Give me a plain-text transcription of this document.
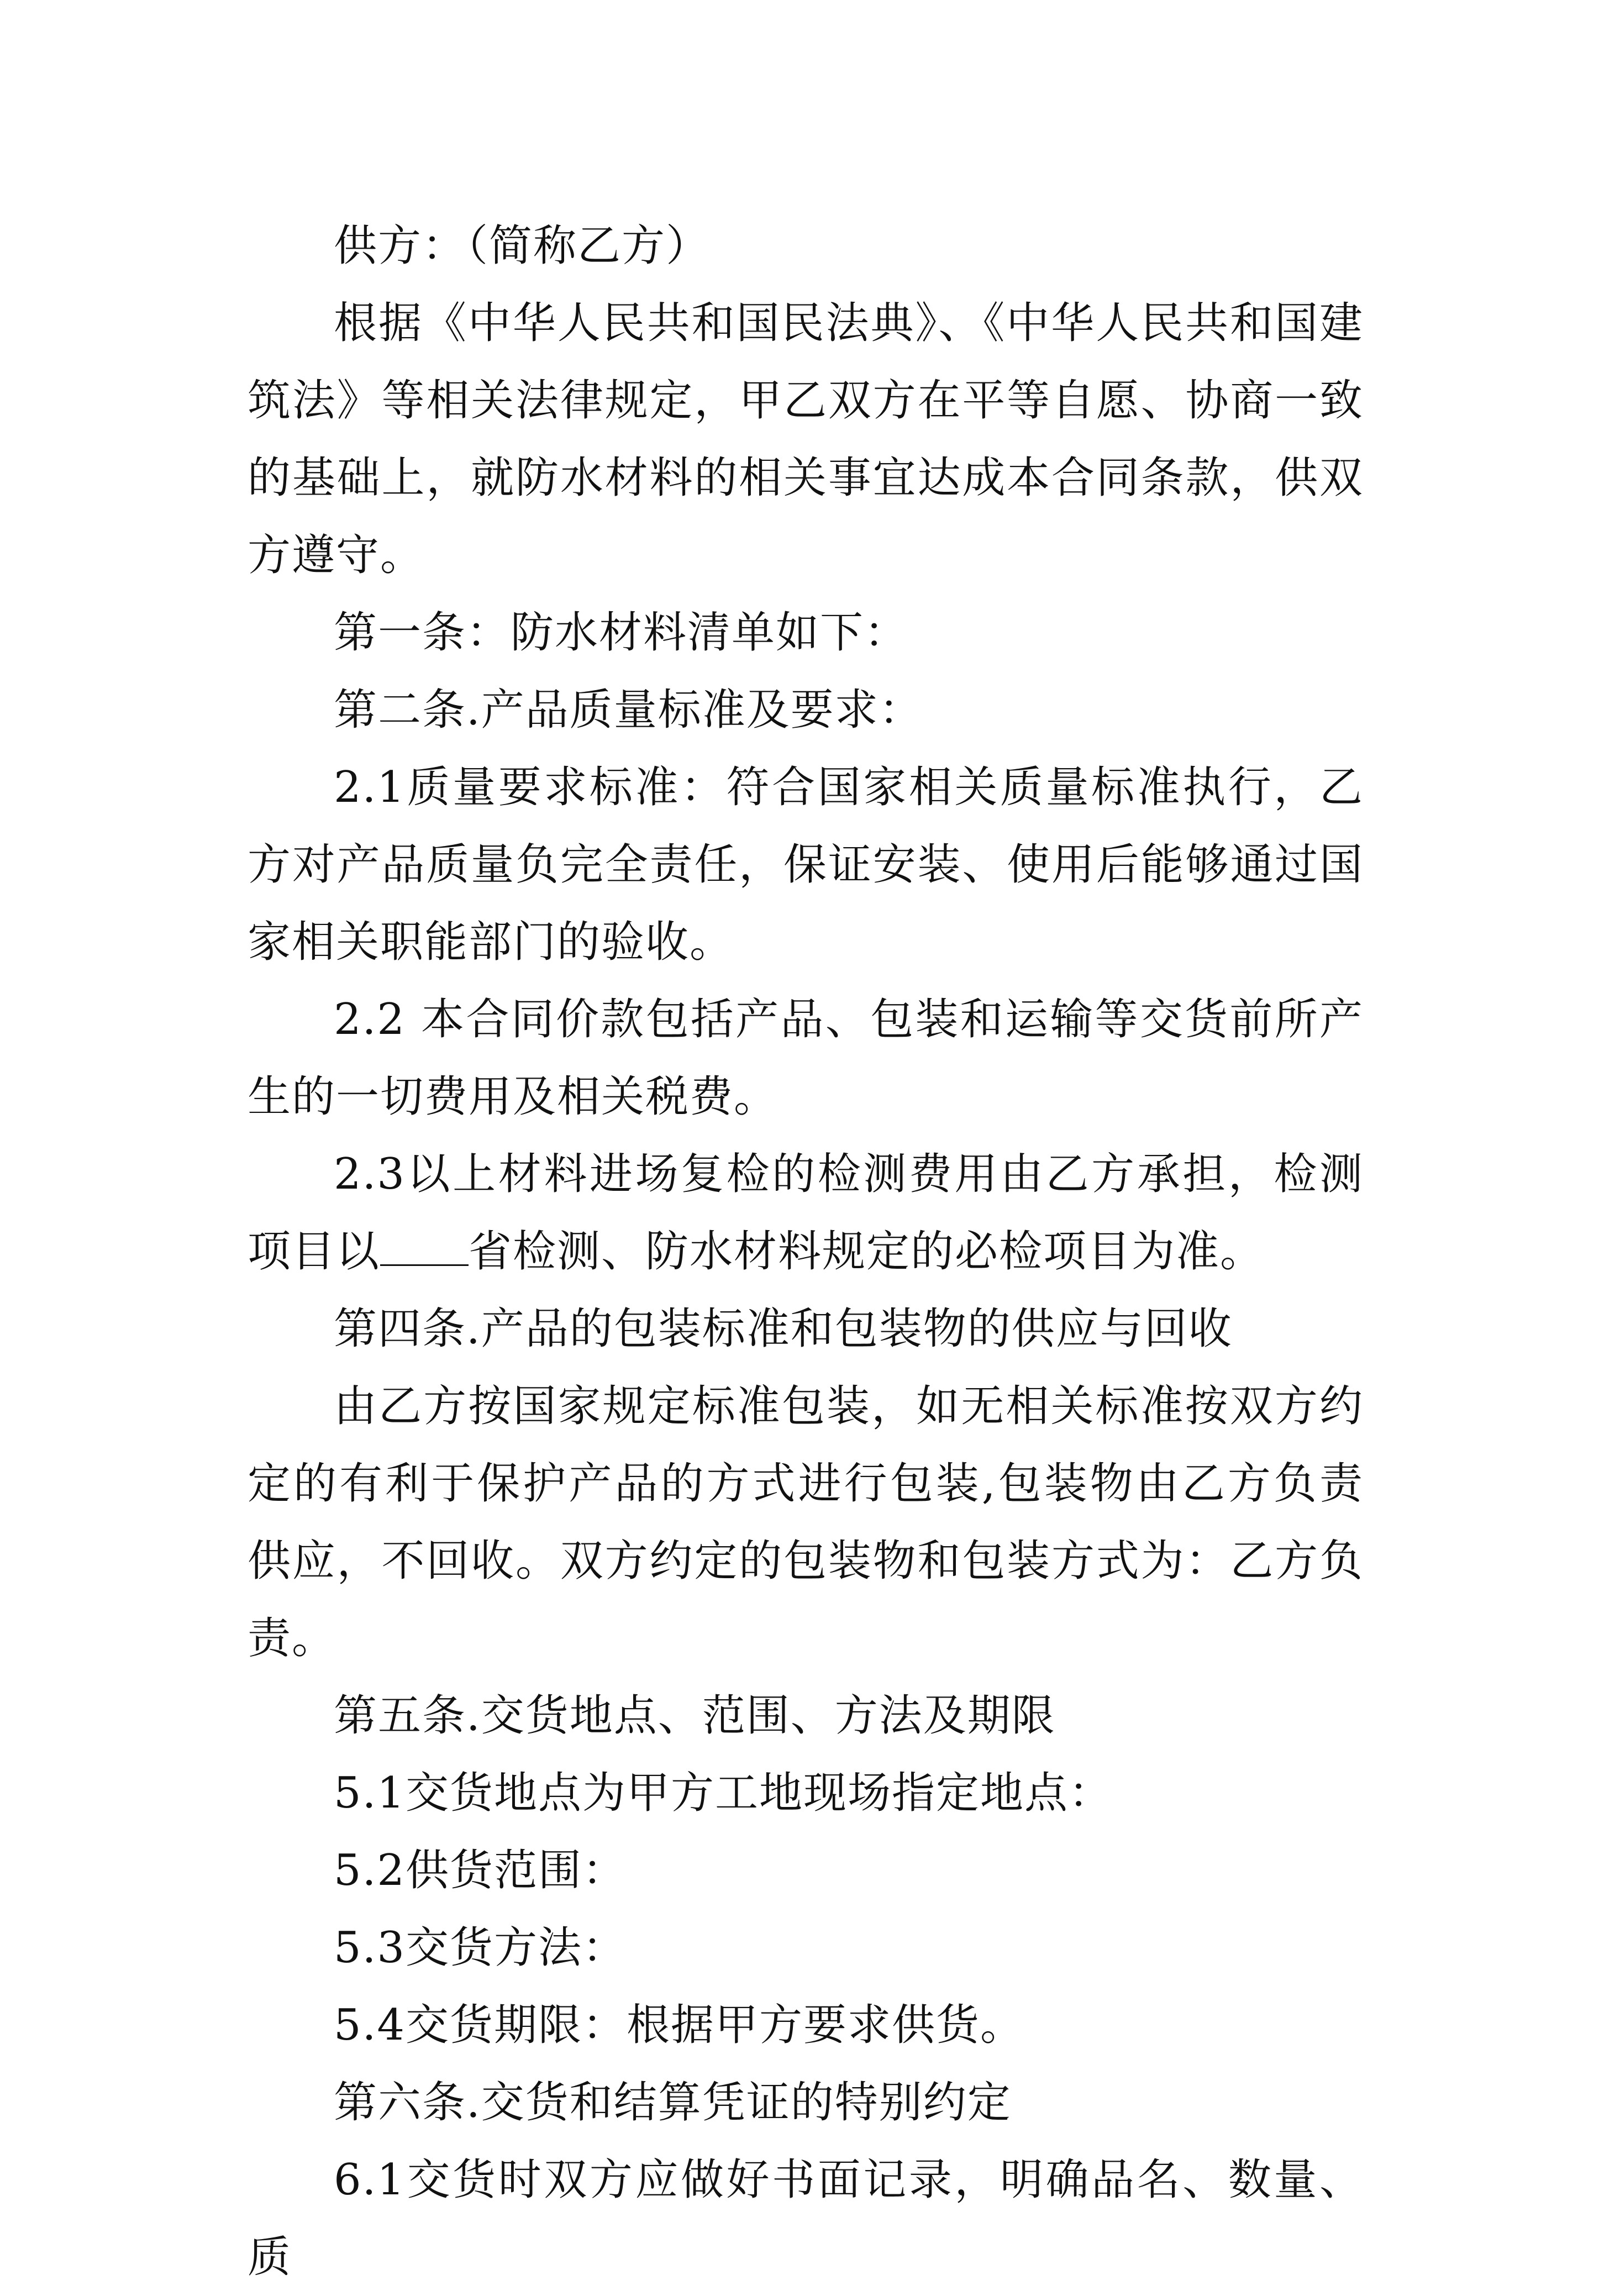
供方：（简称乙方）

根据《中华人民共和国民法典》、《中华人民共和国建筑法》等相关法律规定，甲乙双方在平等自愿、协商一致的基础上，就防水材料的相关事宜达成本合同条款，供双方遵守。

第一条：防水材料清单如下：

第二条.产品质量标准及要求：

2.1质量要求标准：符合国家相关质量标准执行，乙方对产品质量负完全责任，保证安装、使用后能够通过国家相关职能部门的验收。

2.2 本合同价款包括产品、包装和运输等交货前所产生的一切费用及相关税费。

2.3以上材料进场复检的检测费用由乙方承担，检测项目以 省检测、防水材料规定的必检项目为准。

第四条.产品的包装标准和包装物的供应与回收

由乙方按国家规定标准包装，如无相关标准按双方约定的有利于保护产品的方式进行包装,包装物由乙方负责供应，不回收。双方约定的包装物和包装方式为：乙方负责。

第五条.交货地点、范围、方法及期限

5.1交货地点为甲方工地现场指定地点：

5.2供货范围：

5.3交货方法：

5.4交货期限：根据甲方要求供货。

第六条.交货和结算凭证的特别约定

6.1交货时双方应做好书面记录，明确品名、数量、质
